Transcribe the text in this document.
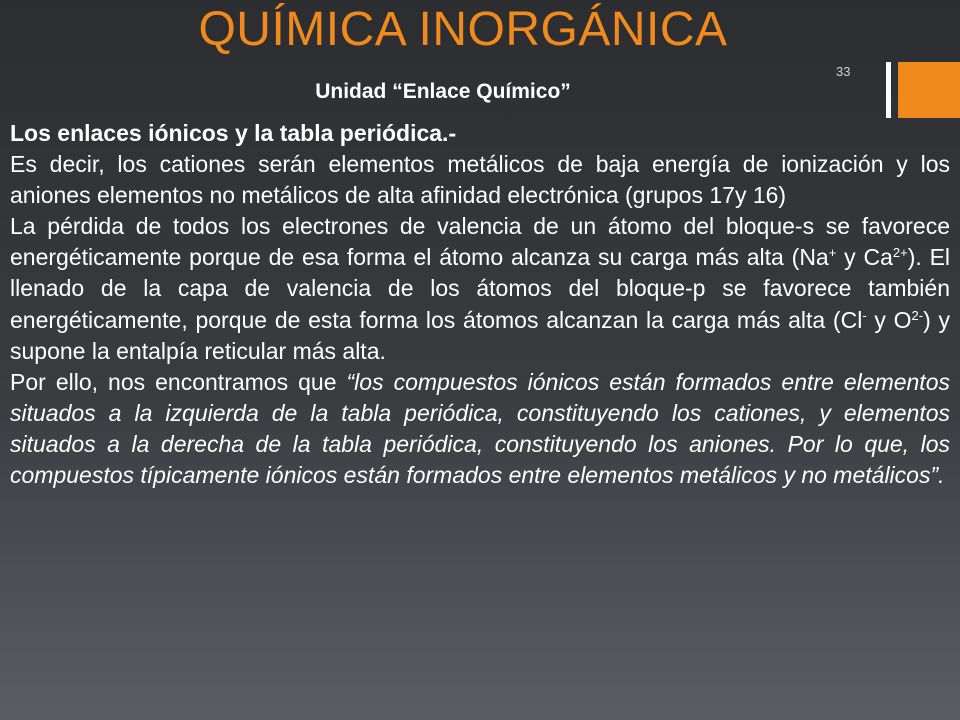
QUÍMICA INORGÁNICA
Unidad “Enlace Químico”
33

Los enlaces iónicos y la tabla periódica.-

Es decir, los cationes serán elementos metálicos de baja energía de ionización y los aniones elementos no metálicos de alta afinidad electrónica (grupos 17y 16)

La pérdida de todos los electrones de valencia de un átomo del bloque-s se favorece energéticamente porque de esa forma el átomo alcanza su carga más alta (Na+ y $Ca^{2+}$). El llenado de la capa de valencia de los átomos del bloque-p se favorece también energéticamente, porque de esta forma los átomos alcanzan la carga más alta (Cl- y $O^{2-}$) y supone la entalpía reticular más alta.

Por ello, nos encontramos que “los compuestos iónicos están formados entre elementos situados a la izquierda de la tabla periódica, constituyendo los cationes, y elementos situados a la derecha de la tabla periódica, constituyendo los aniones. Por lo que, los compuestos típicamente iónicos están formados entre elementos metálicos y no metálicos”.
